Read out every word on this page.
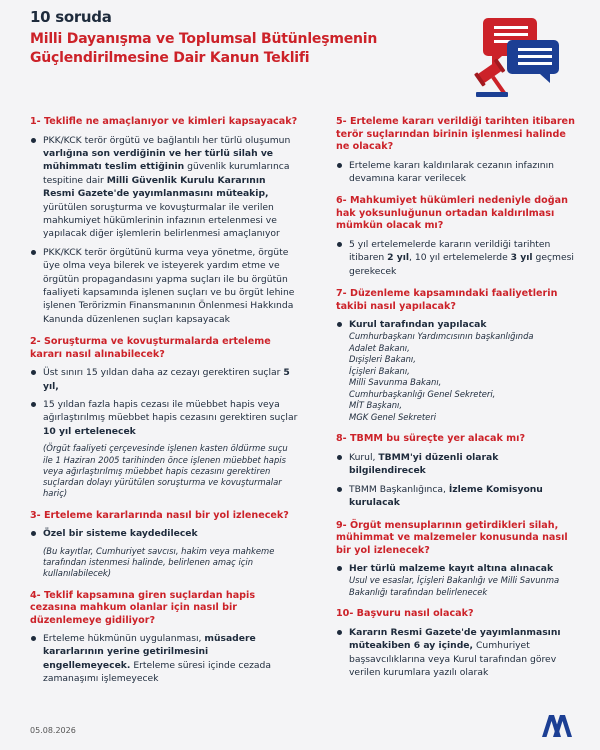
10 soruda

Milli Dayanışma ve Toplumsal Bütünleşmenin
Güçlendirilmesine Dair Kanun Teklifi

1- Teklifle ne amaçlanıyor ve kimleri kapsayacak?

PKK/KCK terör örgütü ve bağlantılı her türlü oluşumun varlığına son verdiğinin ve her türlü silah ve mühimmatı teslim ettiğinin güvenlik kurumlarınca tespitine dair Milli Güvenlik Kurulu Kararının Resmi Gazete'de yayımlanmasını müteakip, yürütülen soruşturma ve kovuşturmalar ile verilen mahkumiyet hükümlerinin infazının ertelenmesi ve yapılacak diğer işlemlerin belirlenmesi amaçlanıyor

PKK/KCK terör örgütünü kurma veya yönetme, örgüte üye olma veya bilerek ve isteyerek yardım etme ve örgütün propagandasını yapma suçları ile bu örgütün faaliyeti kapsamında işlenen suçları ve bu örgüt lehine işlenen Terörizmin Finansmanının Önlenmesi Hakkında Kanunda düzenlenen suçları kapsayacak

2- Soruşturma ve kovuşturmalarda erteleme kararı nasıl alınabilecek?

Üst sınırı 15 yıldan daha az cezayı gerektiren suçlar 5 yıl,

15 yıldan fazla hapis cezası ile müebbet hapis veya ağırlaştırılmış müebbet hapis cezasını gerektiren suçlar 10 yıl ertelenecek

(Örgüt faaliyeti çerçevesinde işlenen kasten öldürme suçu ile 1 Haziran 2005 tarihinden önce işlenen müebbet hapis veya ağırlaştırılmış müebbet hapis cezasını gerektiren suçlardan dolayı yürütülen soruşturma ve kovuşturmalar hariç)

3- Erteleme kararlarında nasıl bir yol izlenecek?

Özel bir sisteme kaydedilecek

(Bu kayıtlar, Cumhuriyet savcısı, hakim veya mahkeme tarafından istenmesi halinde, belirlenen amaç için kullanılabilecek)

4- Teklif kapsamına giren suçlardan hapis cezasına mahkum olanlar için nasıl bir düzenlemeye gidiliyor?

Erteleme hükmünün uygulanması, müsadere kararlarının yerine getirilmesini engellemeyecek. Erteleme süresi içinde cezada zamanaşımı işlemeyecek

5- Erteleme kararı verildiği tarihten itibaren terör suçlarından birinin işlenmesi halinde ne olacak?

Erteleme kararı kaldırılarak cezanın infazının devamına karar verilecek

6- Mahkumiyet hükümleri nedeniyle doğan hak yoksunluğunun ortadan kaldırılması mümkün olacak mı?

5 yıl ertelemelerde kararın verildiği tarihten itibaren 2 yıl, 10 yıl ertelemelerde 3 yıl geçmesi gerekecek

7- Düzenleme kapsamındaki faaliyetlerin takibi nasıl yapılacak?

Kurul tarafından yapılacak
Cumhurbaşkanı Yardımcısının başkanlığında
Adalet Bakanı,
Dışişleri Bakanı,
İçişleri Bakanı,
Milli Savunma Bakanı,
Cumhurbaşkanlığı Genel Sekreteri,
MİT Başkanı,
MGK Genel Sekreteri

8- TBMM bu süreçte yer alacak mı?

Kurul, TBMM'yi düzenli olarak bilgilendirecek

TBMM Başkanlığınca, İzleme Komisyonu kurulacak

9- Örgüt mensuplarının getirdikleri silah, mühimmat ve malzemeler konusunda nasıl bir yol izlenecek?

Her türlü malzeme kayıt altına alınacak
Usul ve esaslar, İçişleri Bakanlığı ve Milli Savunma Bakanlığı tarafından belirlenecek

10- Başvuru nasıl olacak?

Kararın Resmi Gazete'de yayımlanmasını müteakiben 6 ay içinde, Cumhuriyet başsavcılıklarına veya Kurul tarafından görev verilen kurumlara yazılı olarak

05.08.2026
